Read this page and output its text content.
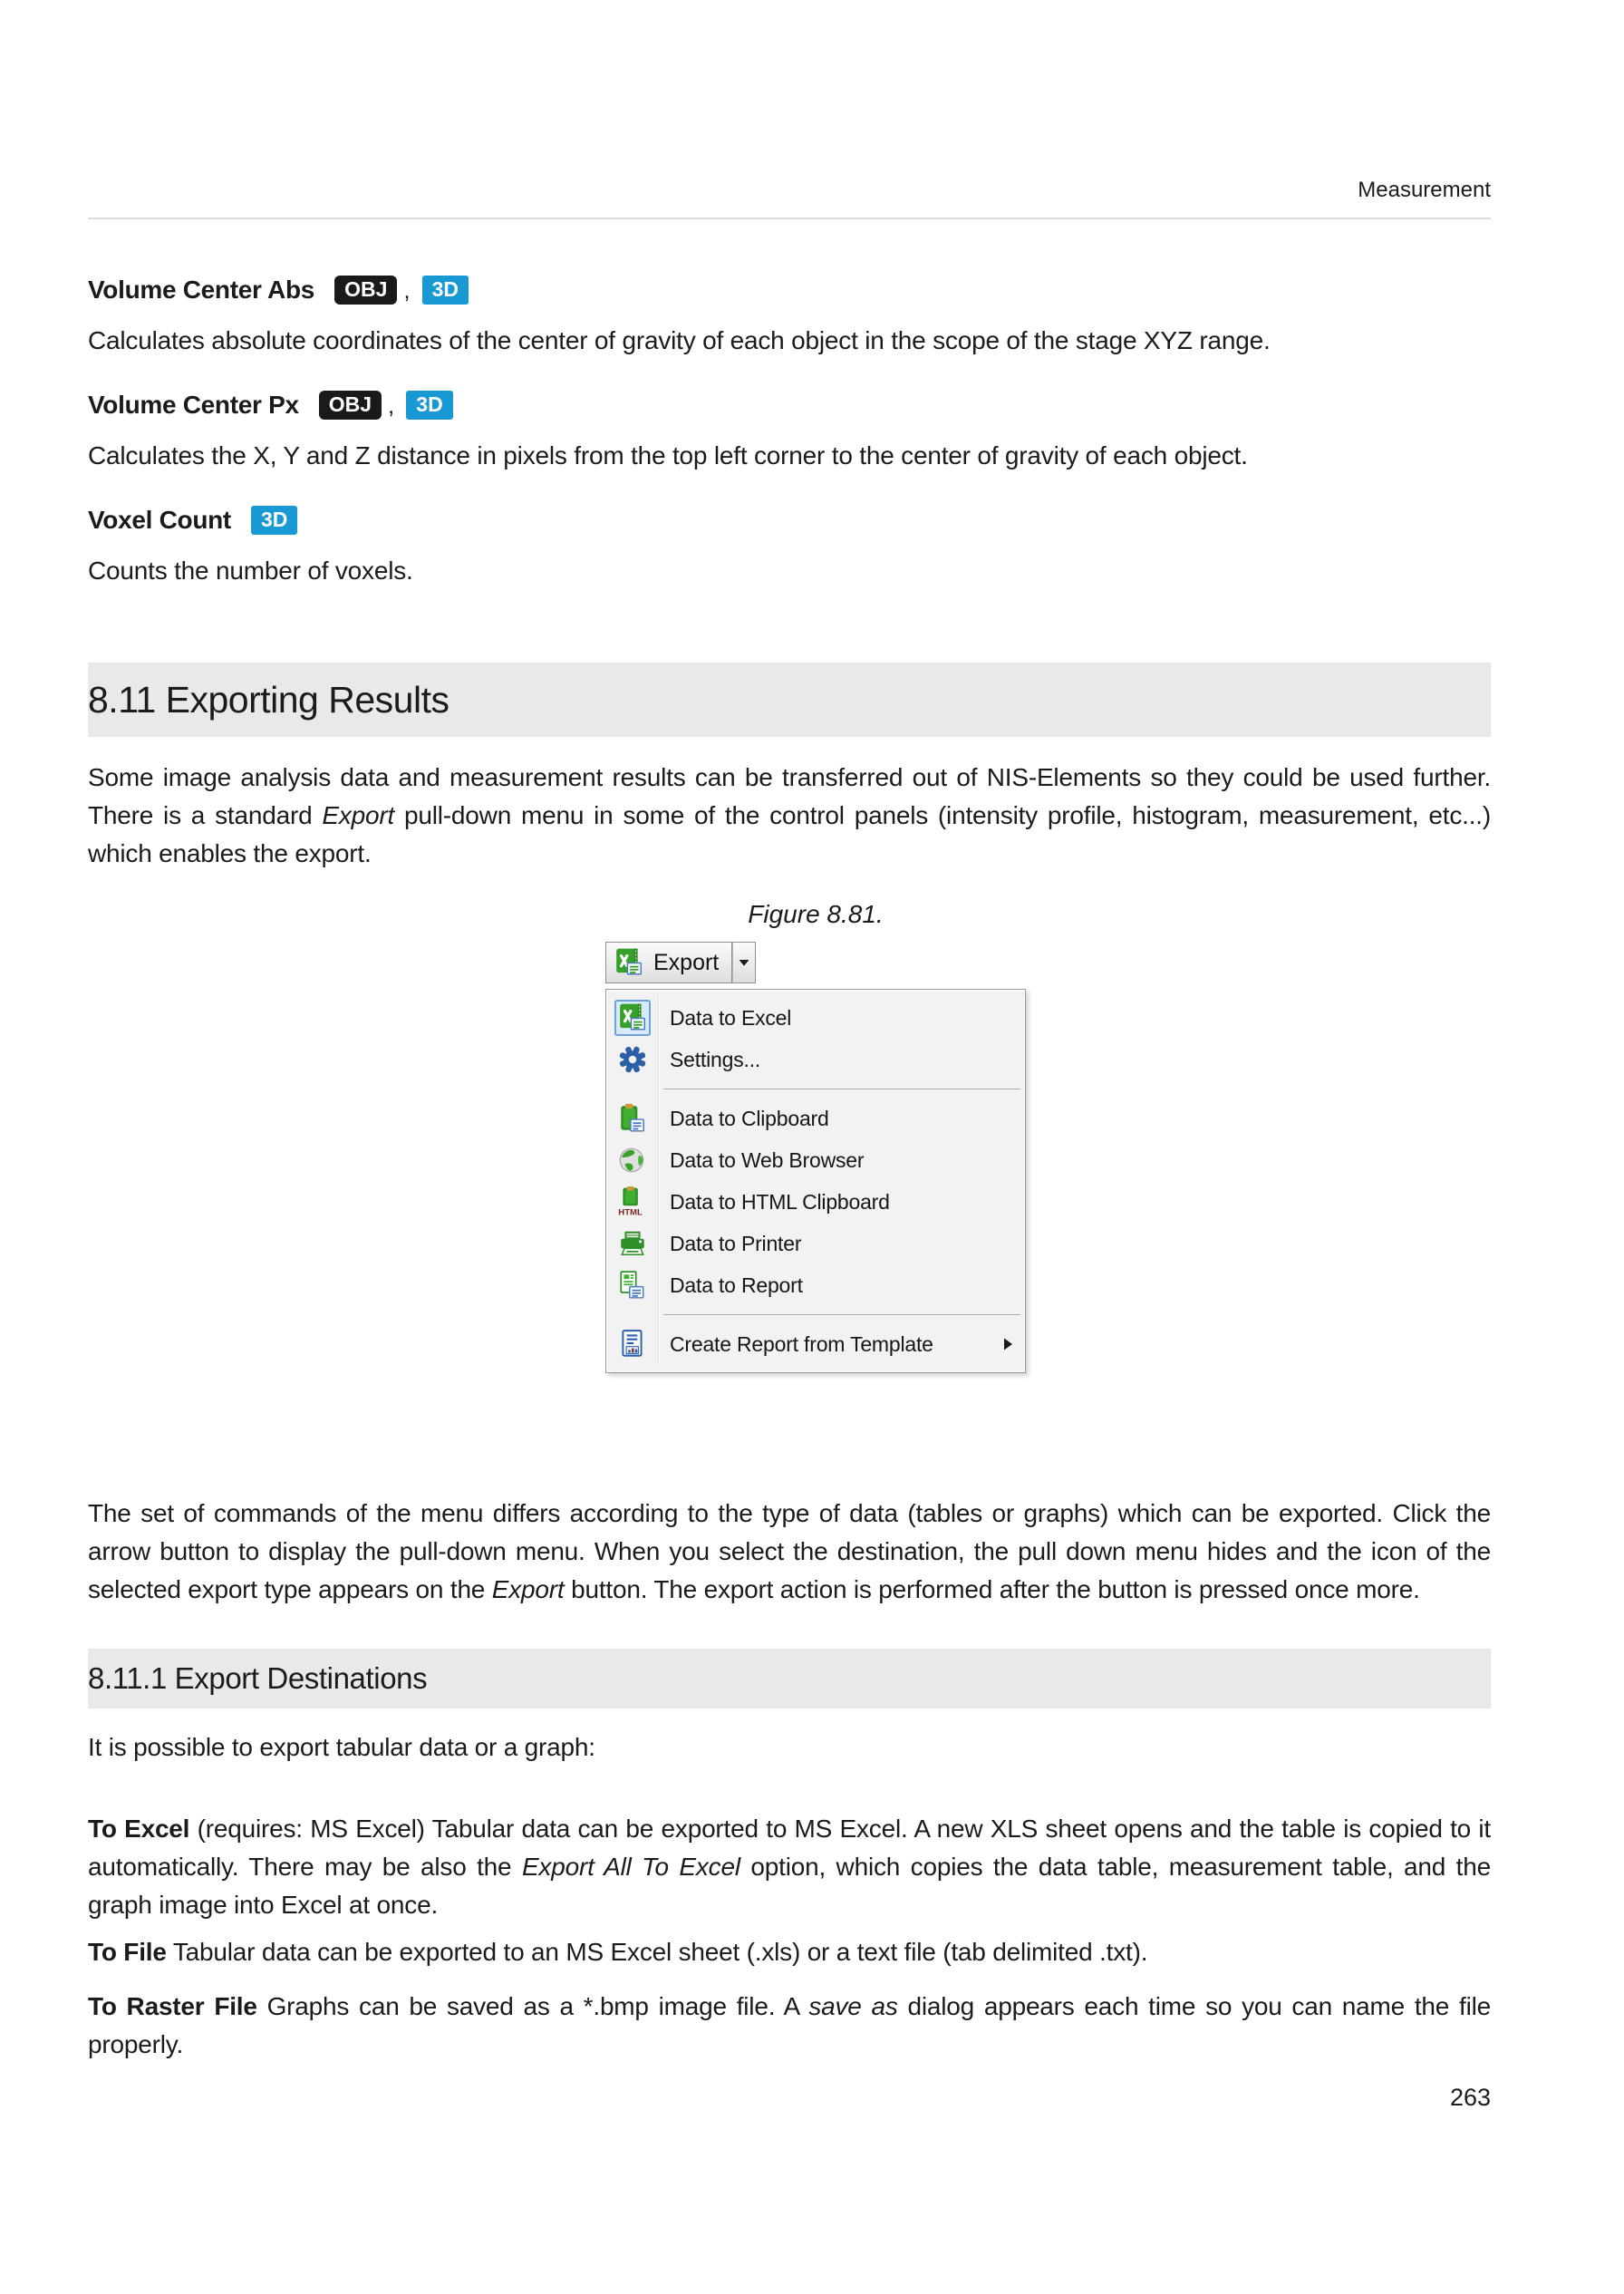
Measurement
Volume Center Abs	OBJ ,	3D

Calculates absolute coordinates of the center of gravity of each object in the scope of the stage XYZ range.

Volume Center Px	OBJ ,	3D

Calculates the X, Y and Z distance in pixels from the top left corner to the center of gravity of each object.

Voxel Count	3D

Counts the number of voxels.

8.11 Exporting Results

Some image analysis data and measurement results can be transferred out of NIS-Elements so they could be used further. There is a standard Export pull-down menu in some of the control panels (intensity profile, histogram, measurement, etc...) which enables the export.

Figure 8.81.
Export
Data to Excel
Settings...
Data to Clipboard
Data to Web Browser
HTML Data to HTML Clipboard
Data to Printer
Data to Report
Create Report from Template

The set of commands of the menu differs according to the type of data (tables or graphs) which can be exported. Click the arrow button to display the pull-down menu. When you select the destination, the pull down menu hides and the icon of the selected export type appears on the Export button. The export action is performed after the button is pressed once more.

8.11.1 Export Destinations

It is possible to export tabular data or a graph:

To Excel (requires: MS Excel) Tabular data can be exported to MS Excel. A new XLS sheet opens and the table is copied to it automatically. There may be also the Export All To Excel option, which copies the data table, measurement table, and the graph image into Excel at once.

To File Tabular data can be exported to an MS Excel sheet (.xls) or a text file (tab delimited .txt).

To Raster File Graphs can be saved as a *.bmp image file. A save as dialog appears each time so you can name the file properly.

263
